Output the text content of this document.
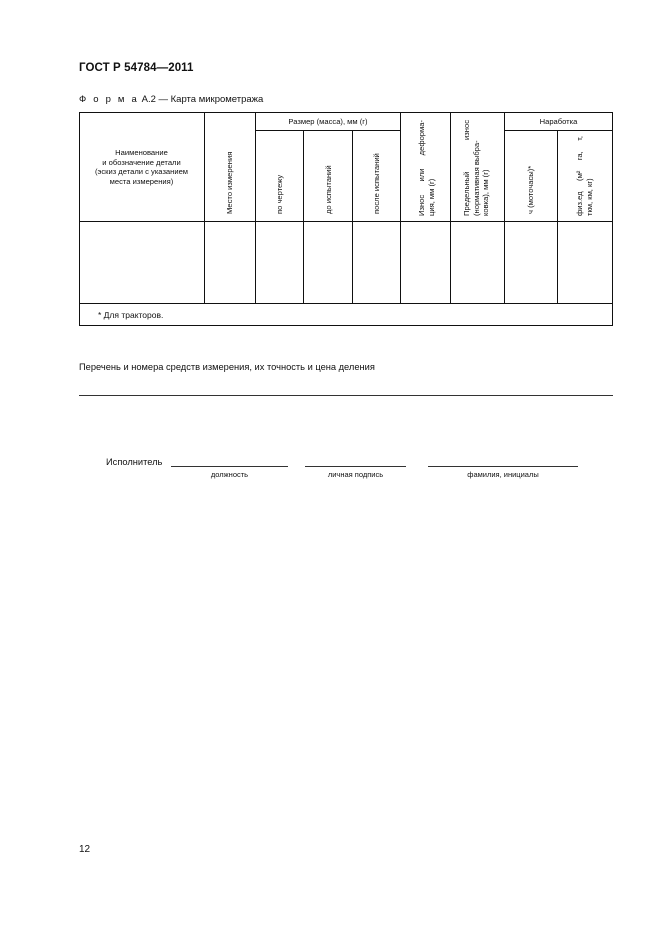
ГОСТ Р 54784—2011
Ф о р м а А.2 — Карта микрометража
Наименование
и обозначение детали
(эскиз детали с указанием
места измерения)	Место измерения
Размер (масса), мм (г)
по чертежу	до испытаний	после испытаний	Износ или деформа- ция, мм (г)	Предельный износ (нормативная выбра- ковка), мм (г)
Наработка
ч (моточасы)*	физ.ед (м² га, т, ткм, км, кг)
* Для тракторов.
Перечень и номера средств измерения, их точность и цена деления
Исполнитель
должность	личная подпись	фамилия, инициалы
12
